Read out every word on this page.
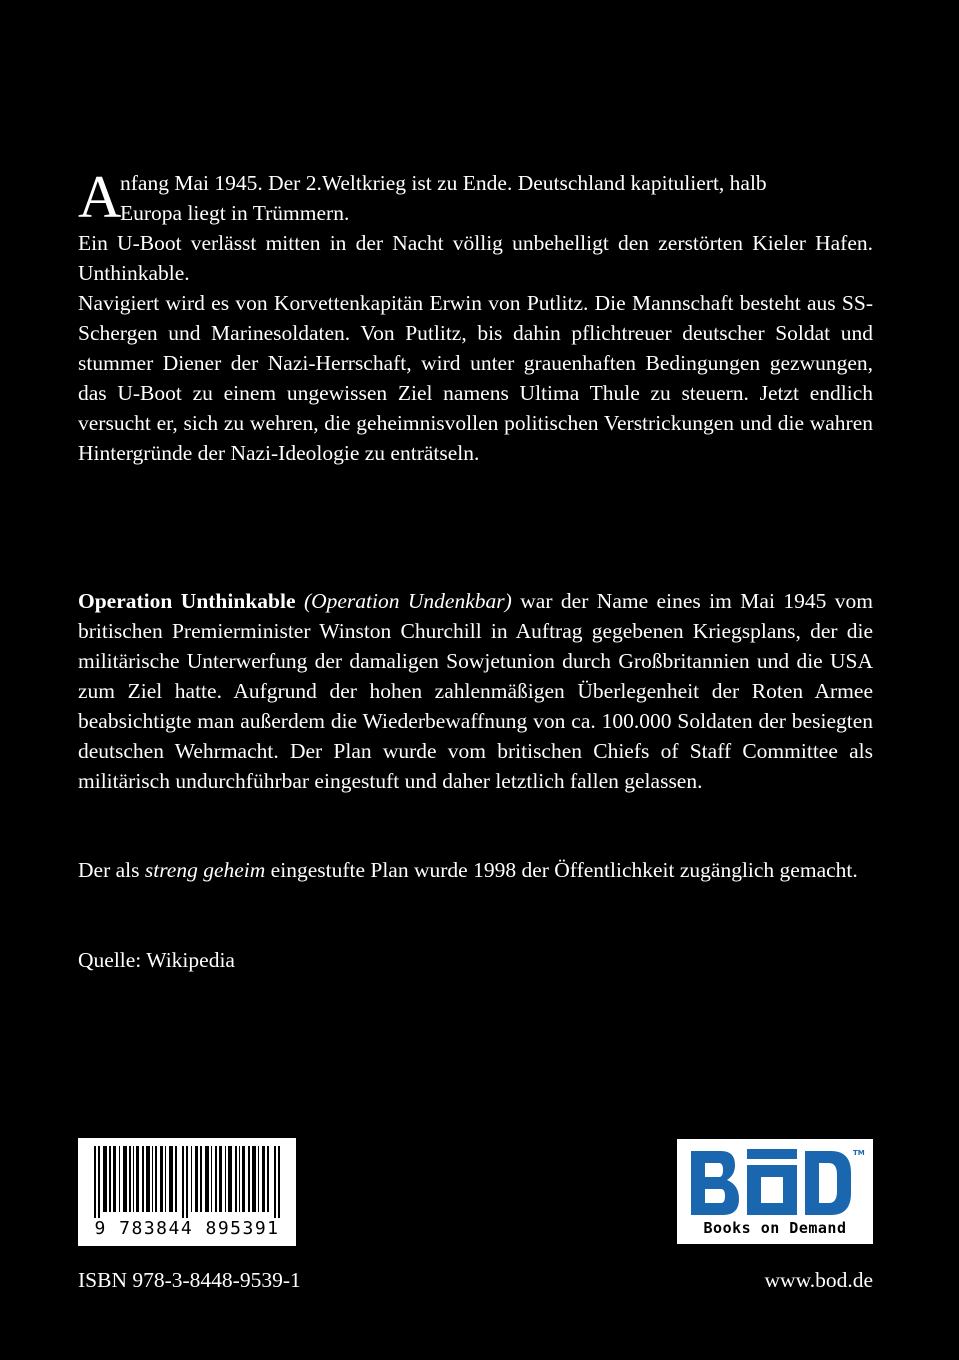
A
nfang Mai 1945. Der 2.Weltkrieg ist zu Ende. Deutschland kapituliert, halb
Europa liegt in Trümmern.

Ein U-Boot verlässt mitten in der Nacht völlig unbehelligt den zerstörten Kieler Hafen. Unthinkable.

Navigiert wird es von Korvettenkapitän Erwin von Putlitz. Die Mannschaft besteht aus SS-Schergen und Marinesoldaten. Von Putlitz, bis dahin pflichtreuer deutscher Soldat und stummer Diener der Nazi-Herrschaft, wird unter grauenhaften Bedingungen gezwungen, das U-Boot zu einem ungewissen Ziel namens Ultima Thule zu steuern. Jetzt endlich versucht er, sich zu wehren, die geheimnisvollen politischen Verstrickungen und die wahren Hintergründe der Nazi-Ideologie zu enträtseln.

Operation Unthinkable (Operation Undenkbar) war der Name eines im Mai 1945 vom britischen Premierminister Winston Churchill in Auftrag gegebenen Kriegsplans, der die militärische Unterwerfung der damaligen Sowjetunion durch Großbritannien und die USA zum Ziel hatte. Aufgrund der hohen zahlenmäßigen Überlegenheit der Roten Armee beabsichtigte man außerdem die Wiederbewaffnung von ca. 100.000 Soldaten der besiegten deutschen Wehrmacht. Der Plan wurde vom britischen Chiefs of Staff Committee als militärisch undurchführbar eingestuft und daher letztlich fallen gelassen.

Der als streng geheim eingestufte Plan wurde 1998 der Öffentlichkeit zugänglich gemacht.

Quelle: Wikipedia

9 783844 895391
TM
Books on Demand
ISBN 978-3-8448-9539-1	www.bod.de
